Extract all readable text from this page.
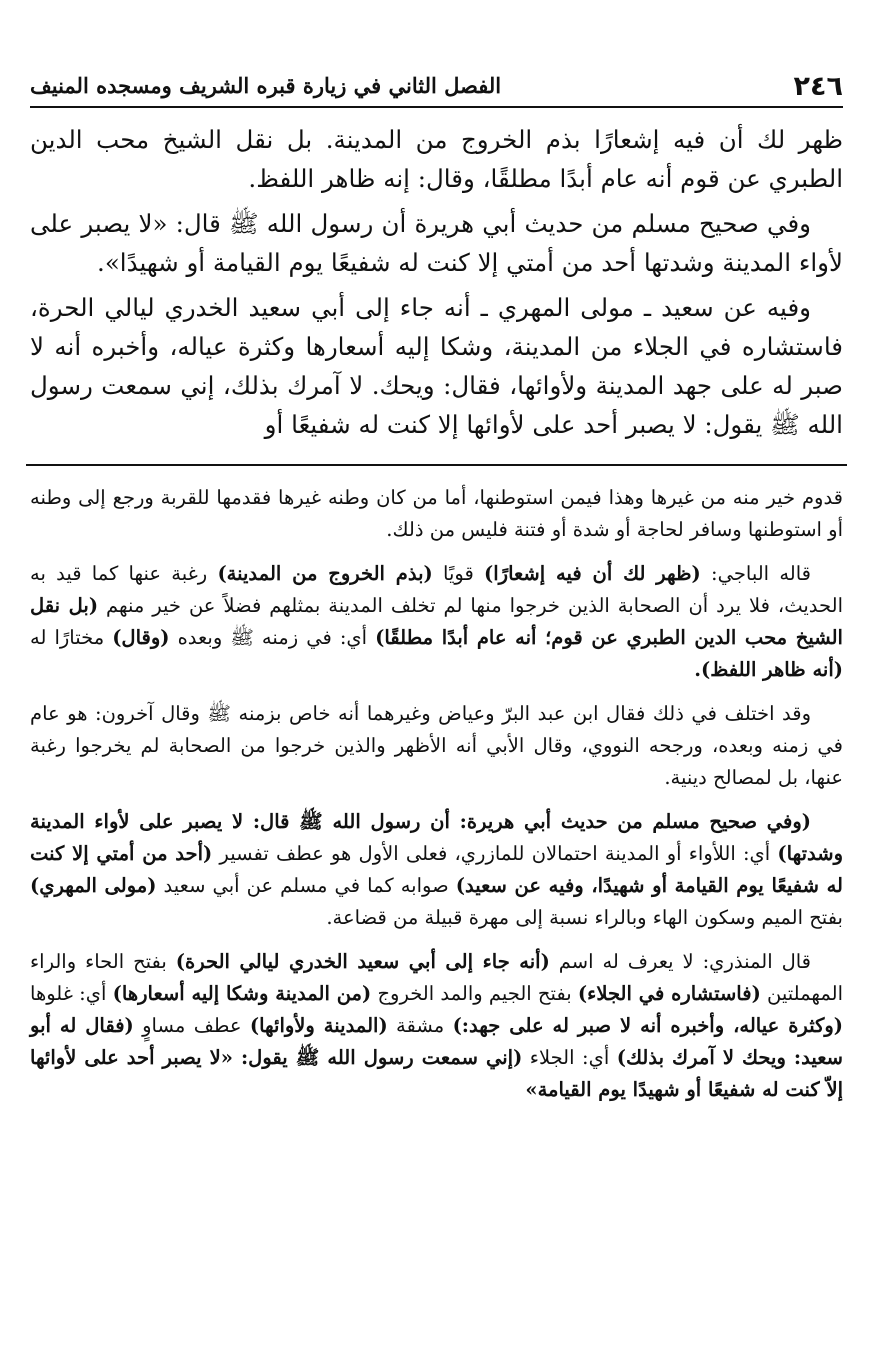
٢٤٦
الفصل الثاني في زيارة قبره الشريف ومسجده المنيف

ظهر لك أن فيه إشعارًا بذم الخروج من المدينة. بل نقل الشيخ محب الدين الطبري عن قوم أنه عام أبدًا مطلقًا، وقال: إنه ظاهر اللفظ.

وفي صحيح مسلم من حديث أبي هريرة أن رسول الله ﷺ قال: «لا يصبر على لأواء المدينة وشدتها أحد من أمتي إلا كنت له شفيعًا يوم القيامة أو شهيدًا».

وفيه عن سعيد ـ مولى المهري ـ أنه جاء إلى أبي سعيد الخدري ليالي الحرة، فاستشاره في الجلاء من المدينة، وشكا إليه أسعارها وكثرة عياله، وأخبره أنه لا صبر له على جهد المدينة ولأوائها، فقال: ويحك. لا آمرك بذلك، إني سمعت رسول الله ﷺ يقول: لا يصبر أحد على لأوائها إلا كنت له شفيعًا أو

قدوم خير منه من غيرها وهذا فيمن استوطنها، أما من كان وطنه غيرها فقدمها للقربة ورجع إلى وطنه أو استوطنها وسافر لحاجة أو شدة أو فتنة فليس من ذلك.

قاله الباجي: (ظهر لك أن فيه إشعارًا) قويًا (بذم الخروج من المدينة) رغبة عنها كما قيد به الحديث، فلا يرد أن الصحابة الذين خرجوا منها لم تخلف المدينة بمثلهم فضلاً عن خير منهم (بل نقل الشيخ محب الدين الطبري عن قوم؛ أنه عام أبدًا مطلقًا) أي: في زمنه ﷺ وبعده (وقال) مختارًا له (أنه ظاهر اللفظ).

وقد اختلف في ذلك فقال ابن عبد البرّ وعياض وغيرهما أنه خاص بزمنه ﷺ وقال آخرون: هو عام في زمنه وبعده، ورجحه النووي، وقال الأبي أنه الأظهر والذين خرجوا من الصحابة لم يخرجوا رغبة عنها، بل لمصالح دينية.

(وفي صحيح مسلم من حديث أبي هريرة: أن رسول الله ﷺ قال: لا يصبر على لأواء المدينة وشدتها) أي: اللأواء أو المدينة احتمالان للمازري، فعلى الأول هو عطف تفسير (أحد من أمتي إلا كنت له شفيعًا يوم القيامة أو شهيدًا، وفيه عن سعيد) صوابه كما في مسلم عن أبي سعيد (مولى المهري) بفتح الميم وسكون الهاء وبالراء نسبة إلى مهرة قبيلة من قضاعة.

قال المنذري: لا يعرف له اسم (أنه جاء إلى أبي سعيد الخدري ليالي الحرة) بفتح الحاء والراء المهملتين (فاستشاره في الجلاء) بفتح الجيم والمد الخروج (من المدينة وشكا إليه أسعارها) أي: غلوها (وكثرة عياله، وأخبره أنه لا صبر له على جهد:) مشقة (المدينة ولأوائها) عطف مساوٍ (فقال له أبو سعيد: ويحك لا آمرك بذلك) أي: الجلاء (إني سمعت رسول الله ﷺ يقول: «لا يصبر أحد على لأوائها إلاّ كنت له شفيعًا أو شهيدًا يوم القيامة»
